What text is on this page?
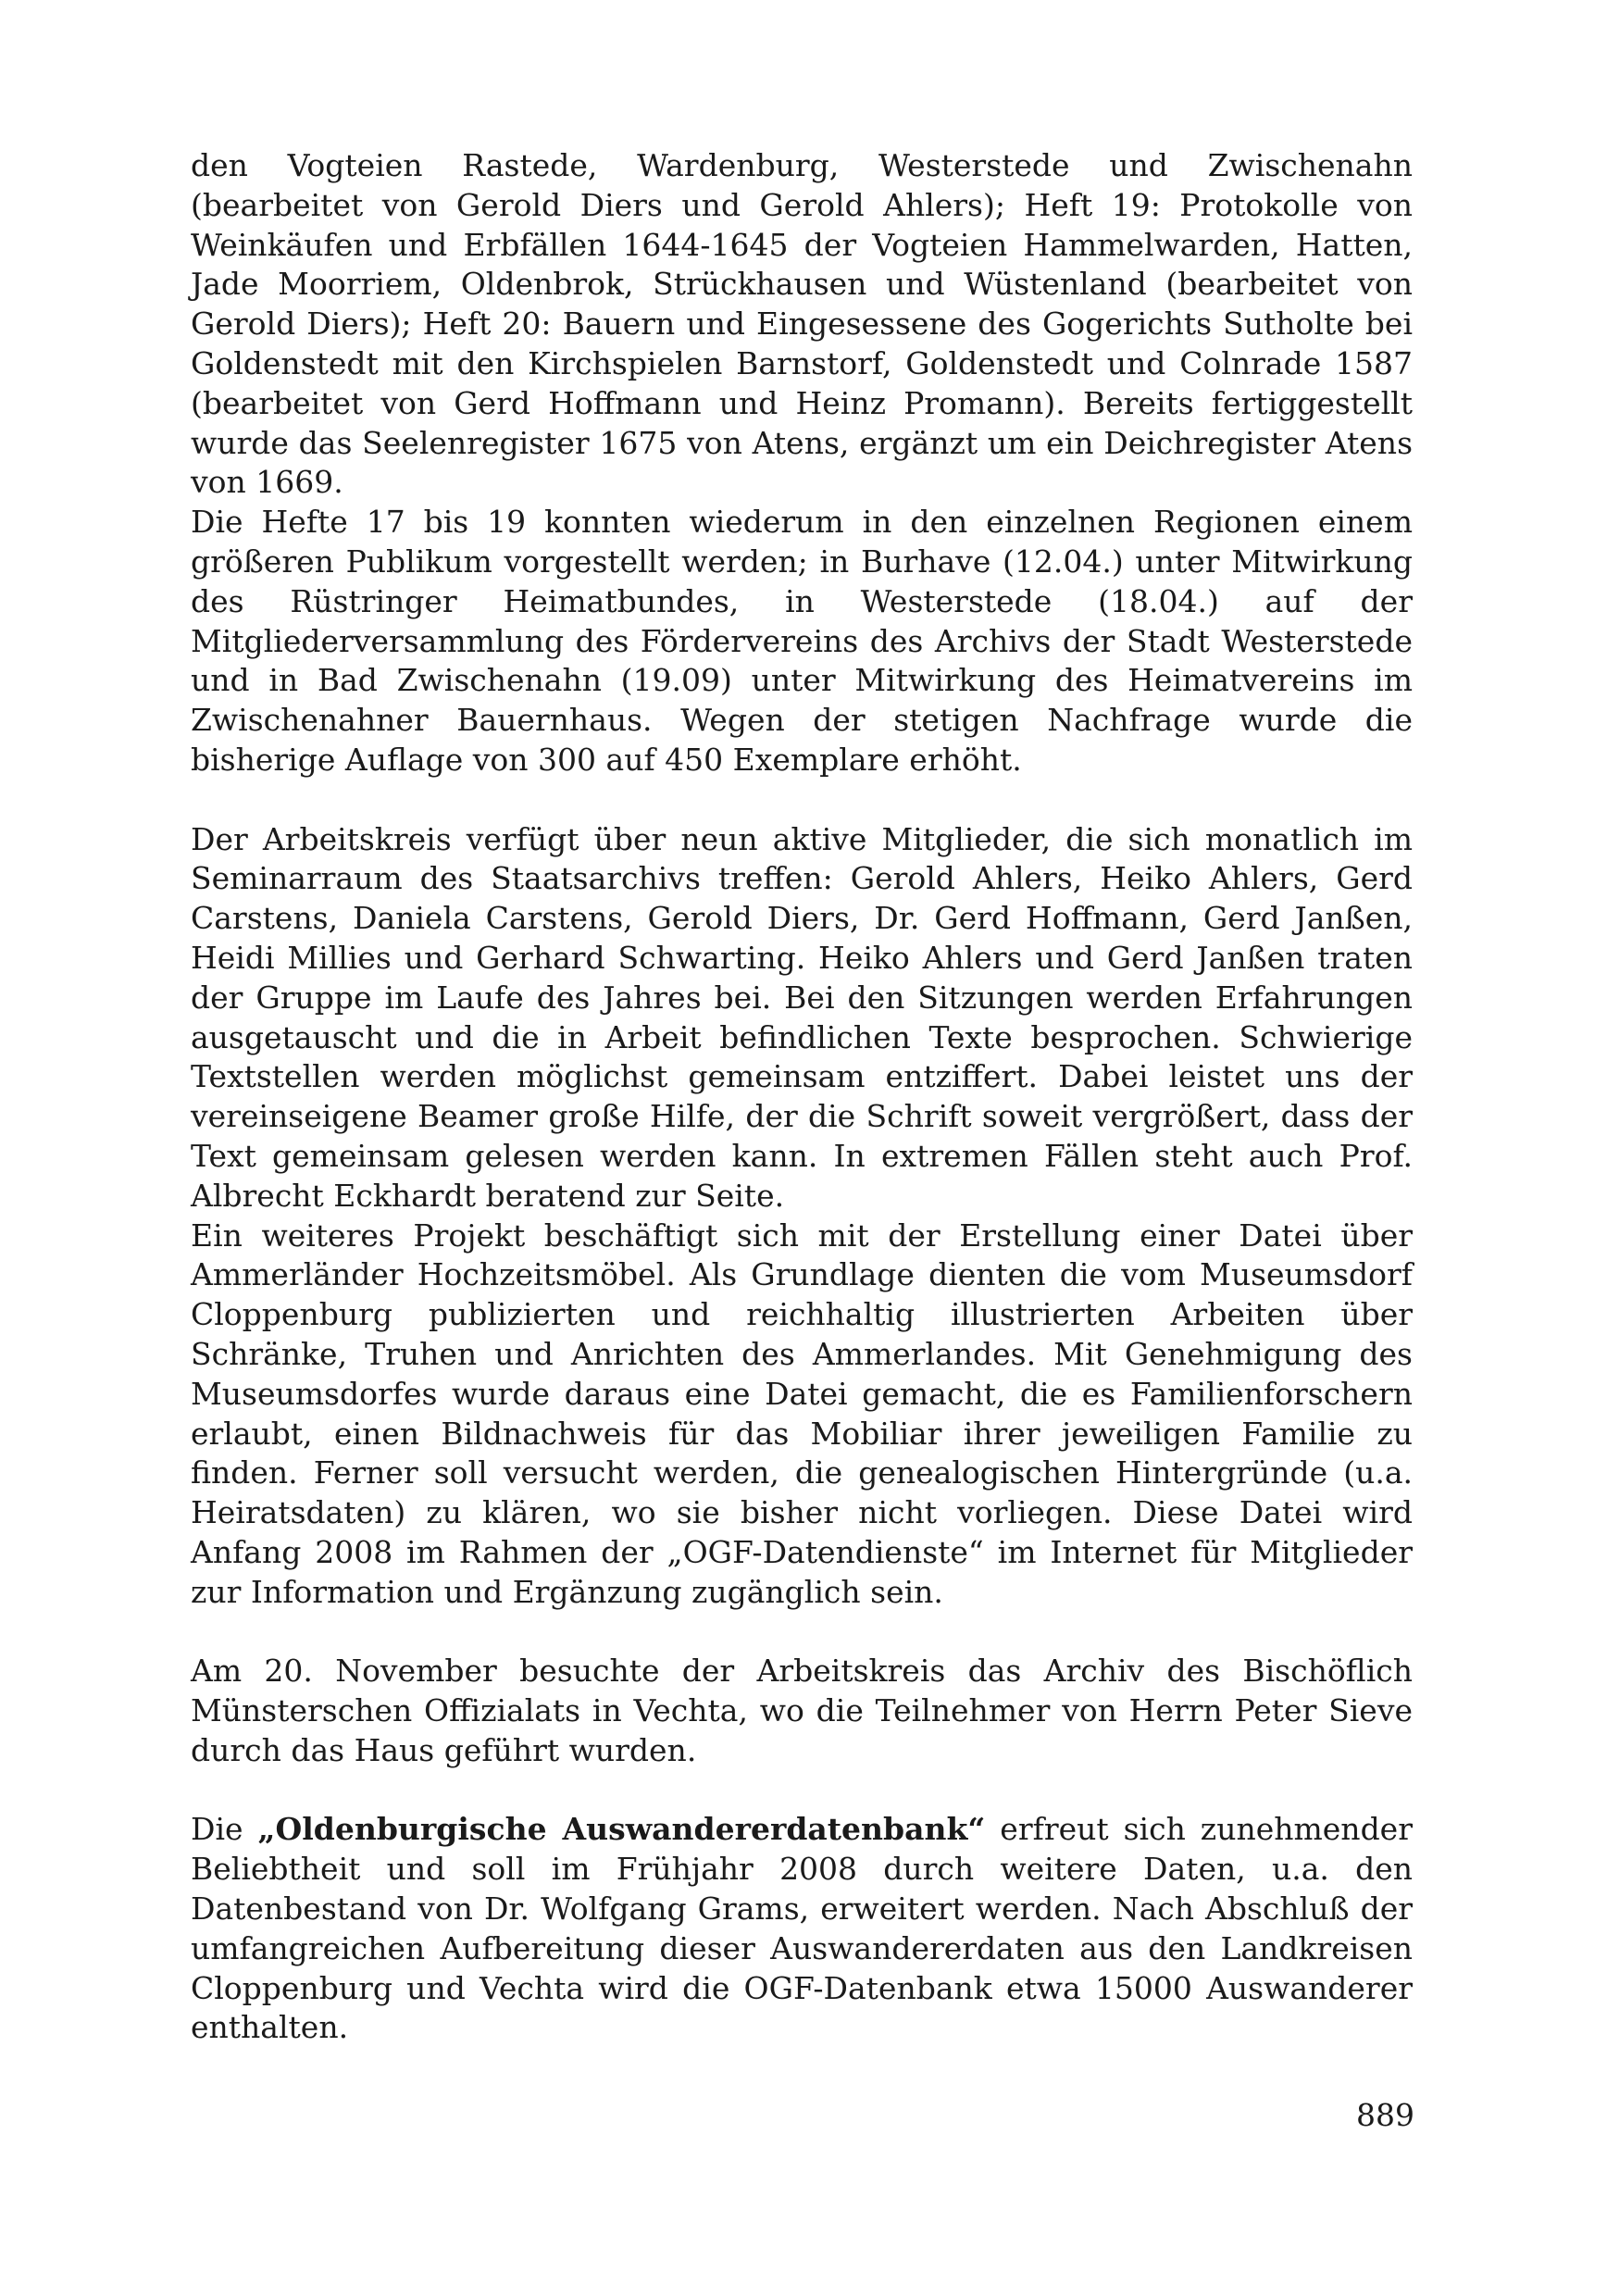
den Vogteien Rastede, Wardenburg, Westerstede und Zwischenahn (bearbeitet von Gerold Diers und Gerold Ahlers); Heft 19: Protokolle von Weinkäufen und Erbfällen 1644-1645 der Vogteien Hammelwarden, Hatten, Jade Moorriem, Oldenbrok, Strückhausen und Wüstenland (bearbeitet von Gerold Diers); Heft 20: Bauern und Eingesessene des Gogerichts Sutholte bei Goldenstedt mit den Kirchspielen Barnstorf, Goldenstedt und Colnrade 1587 (bearbeitet von Gerd Hoffmann und Heinz Promann). Bereits fertiggestellt wurde das Seelenregister 1675 von Atens, ergänzt um ein Deichregister Atens von 1669.

Die Hefte 17 bis 19 konnten wiederum in den einzelnen Regionen einem größeren Publikum vorgestellt werden; in Burhave (12.04.) unter Mitwirkung des Rüstringer Heimatbundes, in Westerstede (18.04.) auf der Mitgliederversammlung des Fördervereins des Archivs der Stadt Westerstede und in Bad Zwischenahn (19.09) unter Mitwirkung des Heimatvereins im Zwischenahner Bauernhaus. Wegen der stetigen Nachfrage wurde die bisherige Auflage von 300 auf 450 Exemplare erhöht.

Der Arbeitskreis verfügt über neun aktive Mitglieder, die sich monatlich im Seminarraum des Staatsarchivs treffen: Gerold Ahlers, Heiko Ahlers, Gerd Carstens, Daniela Carstens, Gerold Diers, Dr. Gerd Hoffmann, Gerd Janßen, Heidi Millies und Gerhard Schwarting. Heiko Ahlers und Gerd Janßen traten der Gruppe im Laufe des Jahres bei. Bei den Sitzungen werden Erfahrungen ausgetauscht und die in Arbeit befindlichen Texte besprochen. Schwierige Textstellen werden möglichst gemeinsam entziffert. Dabei leistet uns der vereinseigene Beamer große Hilfe, der die Schrift soweit vergrößert, dass der Text gemeinsam gelesen werden kann. In extremen Fällen steht auch Prof. Albrecht Eckhardt beratend zur Seite.

Ein weiteres Projekt beschäftigt sich mit der Erstellung einer Datei über Ammerländer Hochzeitsmöbel. Als Grundlage dienten die vom Museumsdorf Cloppenburg publizierten und reichhaltig illustrierten Arbeiten über Schränke, Truhen und Anrichten des Ammerlandes. Mit Genehmigung des Museumsdorfes wurde daraus eine Datei gemacht, die es Familienforschern erlaubt, einen Bildnachweis für das Mobiliar ihrer jeweiligen Familie zu finden. Ferner soll versucht werden, die genealogischen Hintergründe (u.a. Heiratsdaten) zu klären, wo sie bisher nicht vorliegen. Diese Datei wird Anfang 2008 im Rahmen der „OGF-Datendienste“ im Internet für Mitglieder zur Information und Ergänzung zugänglich sein.

Am 20. November besuchte der Arbeitskreis das Archiv des Bischöflich Münsterschen Offizialats in Vechta, wo die Teilnehmer von Herrn Peter Sieve durch das Haus geführt wurden.

Die „Oldenburgische Auswandererdatenbank“ erfreut sich zunehmender Beliebtheit und soll im Frühjahr 2008 durch weitere Daten, u.a. den Datenbestand von Dr. Wolfgang Grams, erweitert werden. Nach Abschluß der umfangreichen Aufbereitung dieser Auswandererdaten aus den Landkreisen Cloppenburg und Vechta wird die OGF-Datenbank etwa 15000 Auswanderer enthalten.

889
